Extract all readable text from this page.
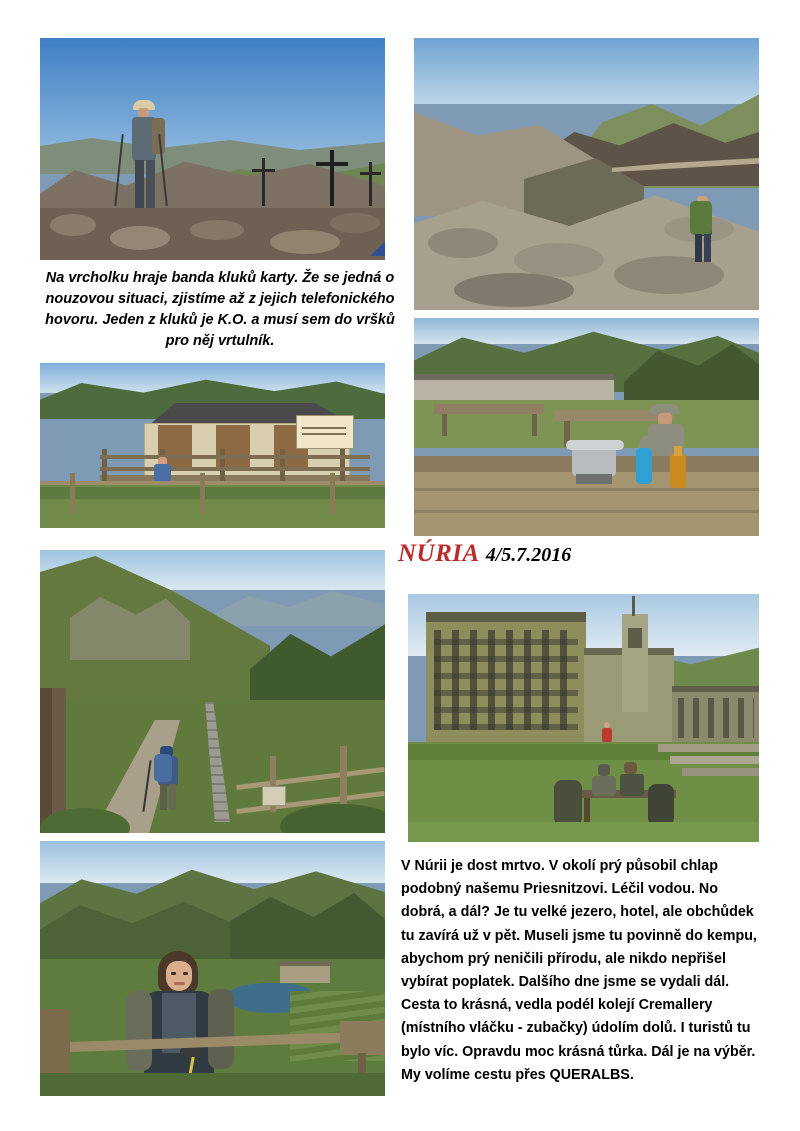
Na vrcholku hraje banda kluků karty. Že se jedná o nouzovou situaci, zjistíme až z jejich telefonického hovoru. Jeden z kluků je K.O. a musí sem do vršků pro něj vrtulník.
NÚRIA 4/5.7.2016
V Núrii je dost mrtvo. V okolí prý působil chlap podobný našemu Priesnitzovi. Léčil vodou. No dobrá, a dál? Je tu velké jezero, hotel, ale obchůdek tu zavírá už v pět. Museli jsme tu povinně do kempu, abychom prý neničili přírodu, ale nikdo nepřišel vybírat poplatek. Dalšího dne jsme se vydali dál. Cesta to krásná, vedla podél kolejí Cremallery (místního vláčku - zubačky) údolím dolů. I turistů tu bylo víc. Opravdu moc krásná tůrka. Dál je na výběr. My volíme cestu přes QUERALBS.
